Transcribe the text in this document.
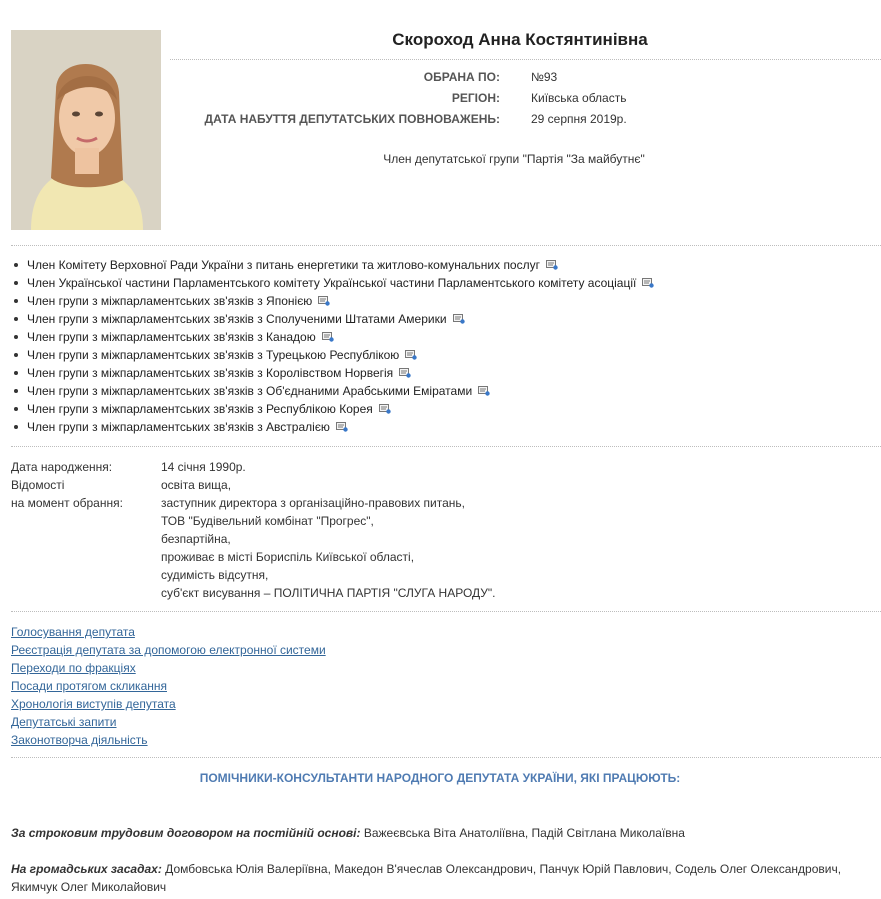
Скороход Анна Костянтинівна
ОБРАНА ПО:	№93
РЕГІОН:	Київська область
ДАТА НАБУТТЯ ДЕПУТАТСЬКИХ ПОВНОВАЖЕНЬ:	29 серпня 2019р.
Член депутатської групи "Партія "За майбутнє"
Член Комітету Верховної Ради України з питань енергетики та житлово-комунальних послуг
Член Української частини Парламентського комітету Української частини Парламентського комітету асоціації
Член групи з міжпарламентських зв'язків з Японією
Член групи з міжпарламентських зв'язків з Сполученими Штатами Америки
Член групи з міжпарламентських зв'язків з Канадою
Член групи з міжпарламентських зв'язків з Турецькою Республікою
Член групи з міжпарламентських зв'язків з Королівством Норвегія
Член групи з міжпарламентських зв'язків з Об'єднаними Арабськими Еміратами
Член групи з міжпарламентських зв'язків з Республікою Корея
Член групи з міжпарламентських зв'язків з Австралією
Дата народження:	14 січня 1990р.
Відомості
на момент обрання:
освіта вища,
заступник директора з організаційно-правових питань,
ТОВ "Будівельний комбінат "Прогрес",
безпартійна,
проживає в місті Бориспіль Київської області,
судимість відсутня,
суб'єкт висування – ПОЛІТИЧНА ПАРТІЯ "СЛУГА НАРОДУ".
Голосування депутата
Реєстрація депутата за допомогою електронної системи
Переходи по фракціях
Посади протягом скликання
Хронологія виступів депутата
Депутатські запити
Законотворча діяльність
ПОМІЧНИКИ-КОНСУЛЬТАНТИ НАРОДНОГО ДЕПУТАТА УКРАЇНИ, ЯКІ ПРАЦЮЮТЬ:
За строковим трудовим договором на постійній основі: Важеєвська Віта Анатоліївна, Падій Світлана Миколаївна
На громадських засадах: Домбовська Юлія Валеріївна, Македон В'ячеслав Олександрович, Панчук Юрій Павлович, Содель Олег Олександрович,
Якимчук Олег Миколайович
